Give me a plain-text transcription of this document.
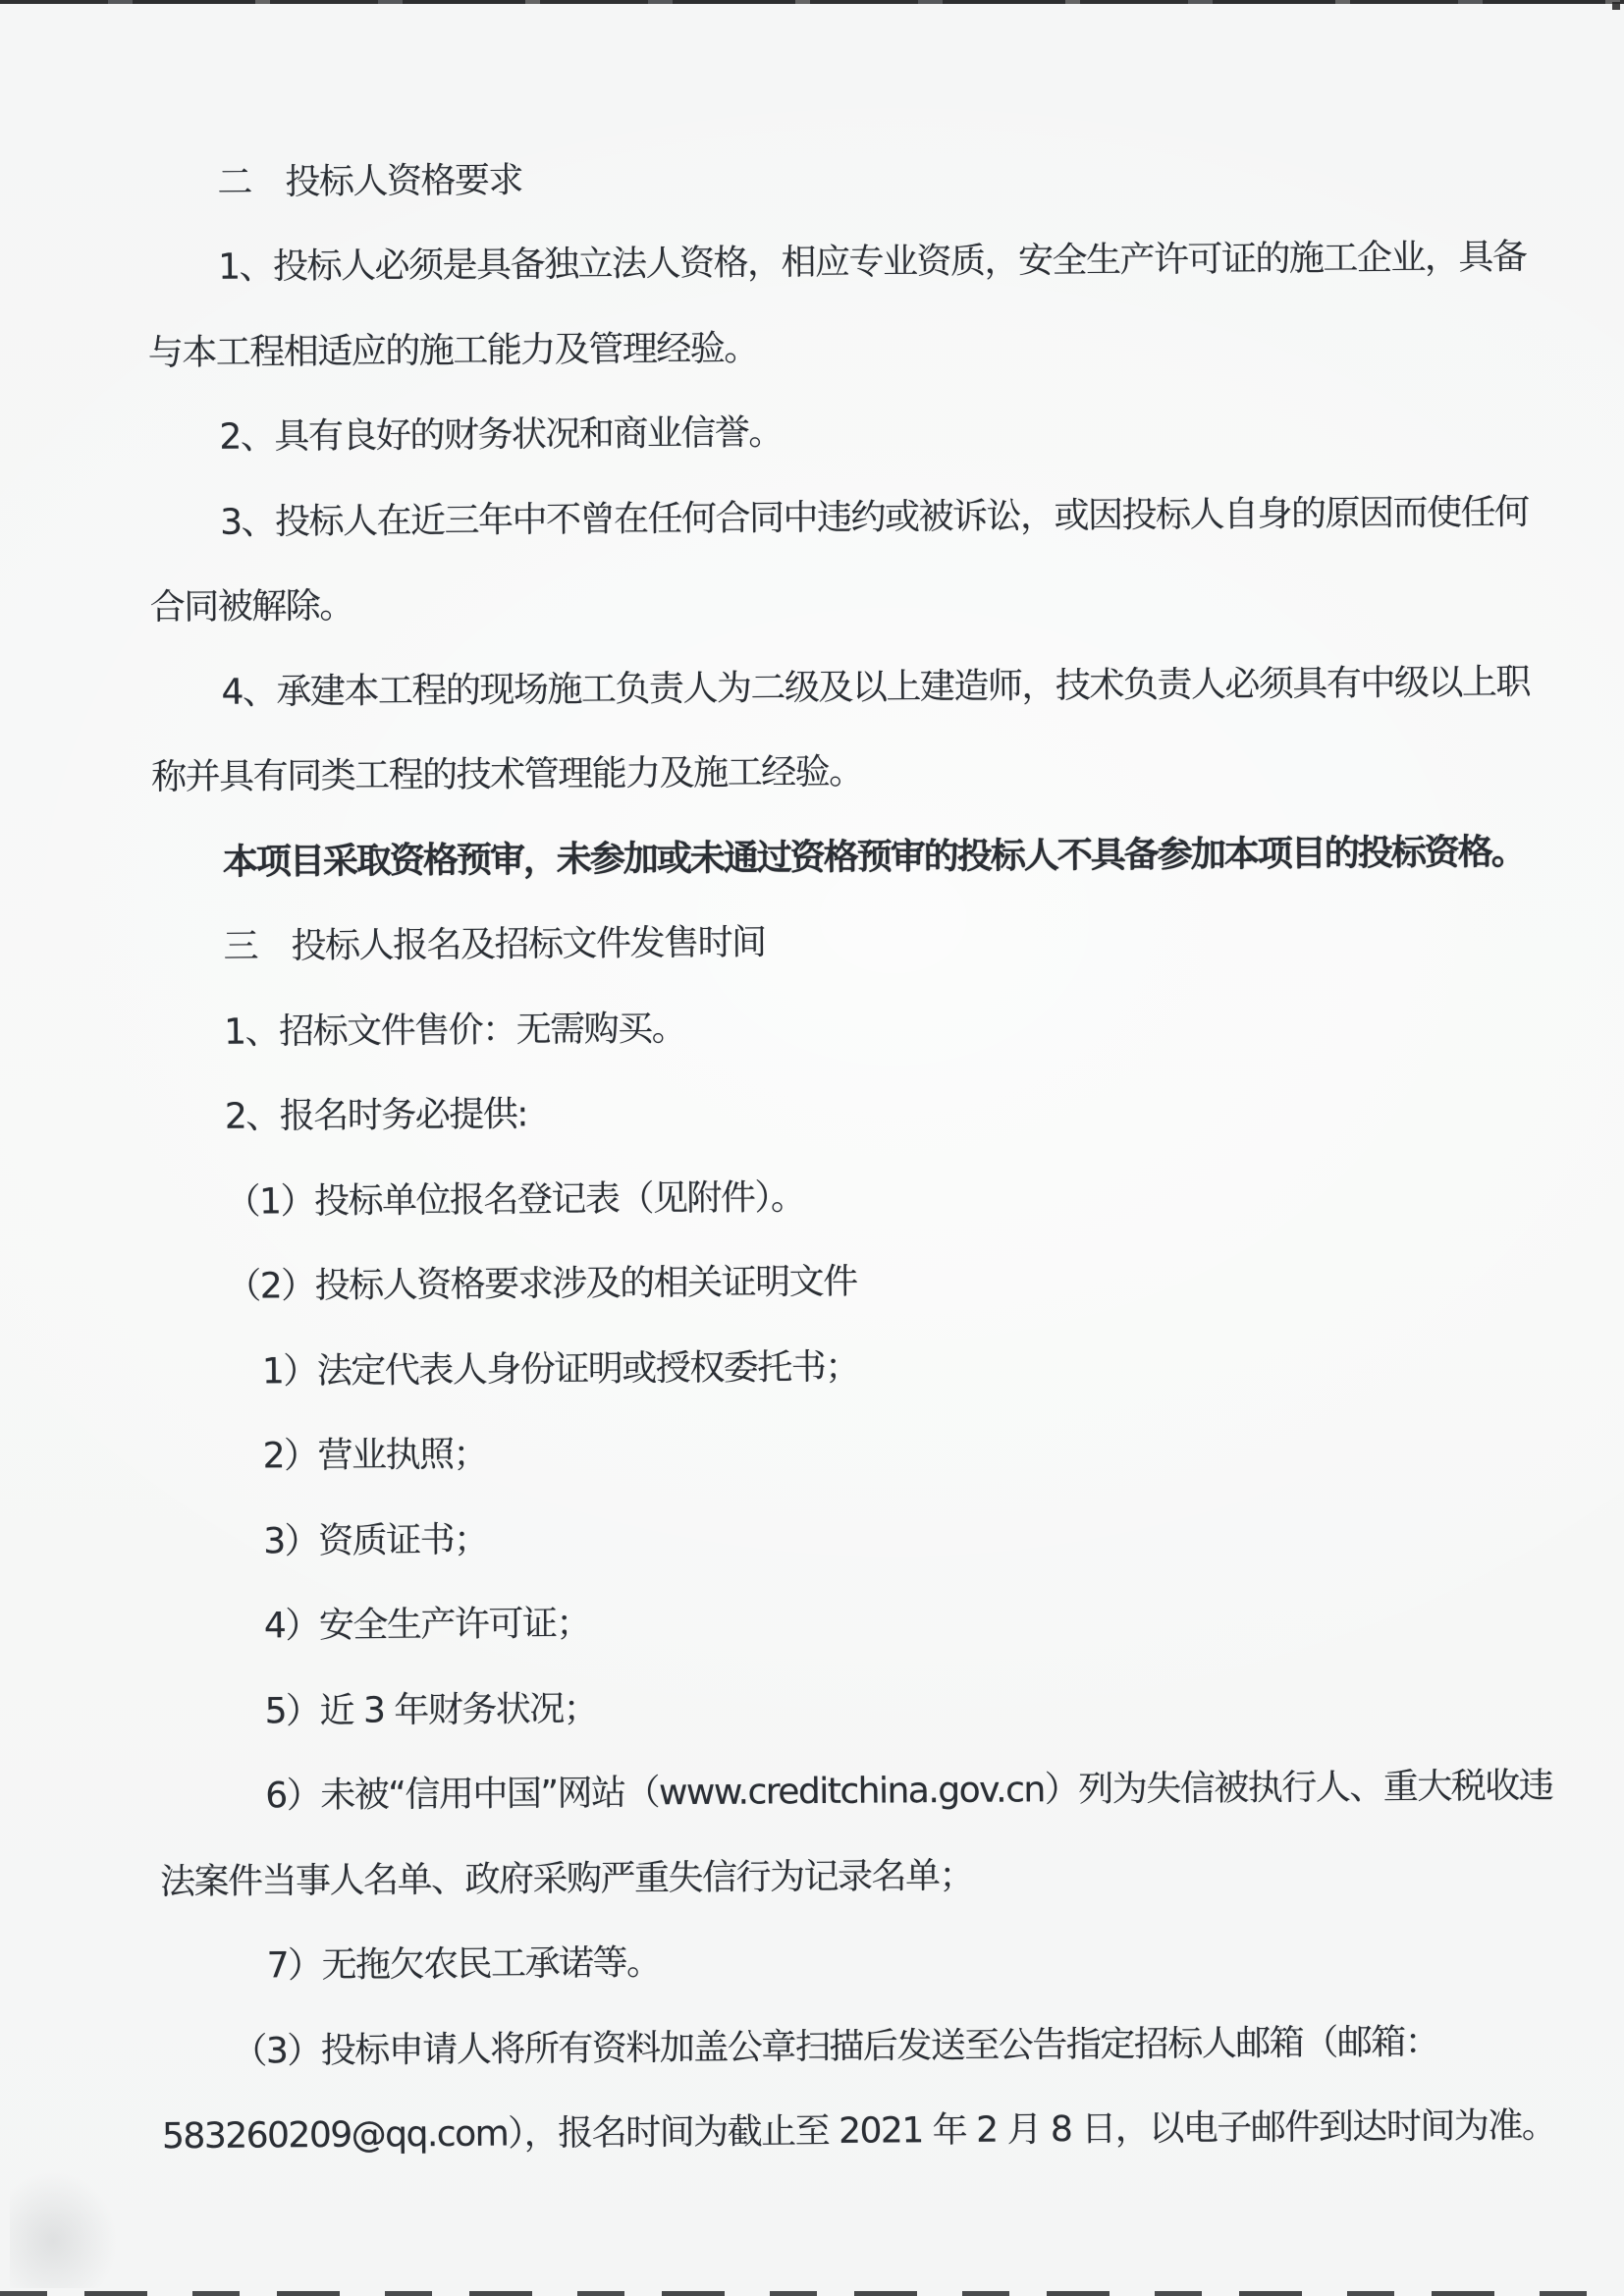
二　投标人资格要求
1、投标人必须是具备独立法人资格，相应专业资质，安全生产许可证的施工企业，具备
与本工程相适应的施工能力及管理经验。
2、具有良好的财务状况和商业信誉。
3、投标人在近三年中不曾在任何合同中违约或被诉讼，或因投标人自身的原因而使任何
合同被解除。
4、承建本工程的现场施工负责人为二级及以上建造师，技术负责人必须具有中级以上职
称并具有同类工程的技术管理能力及施工经验。
本项目采取资格预审，未参加或未通过资格预审的投标人不具备参加本项目的投标资格。
三　投标人报名及招标文件发售时间
1、招标文件售价：无需购买。
2、报名时务必提供:
（1）投标单位报名登记表（见附件）。
（2）投标人资格要求涉及的相关证明文件
1）法定代表人身份证明或授权委托书；
2）营业执照；
3）资质证书；
4）安全生产许可证；
5）近 3 年财务状况；
6）未被“信用中国”网站（www.creditchina.gov.cn）列为失信被执行人、重大税收违
法案件当事人名单、政府采购严重失信行为记录名单；
7）无拖欠农民工承诺等。
（3）投标申请人将所有资料加盖公章扫描后发送至公告指定招标人邮箱（邮箱：
583260209@qq.com），报名时间为截止至 2021 年 2 月 8 日，以电子邮件到达时间为准。
